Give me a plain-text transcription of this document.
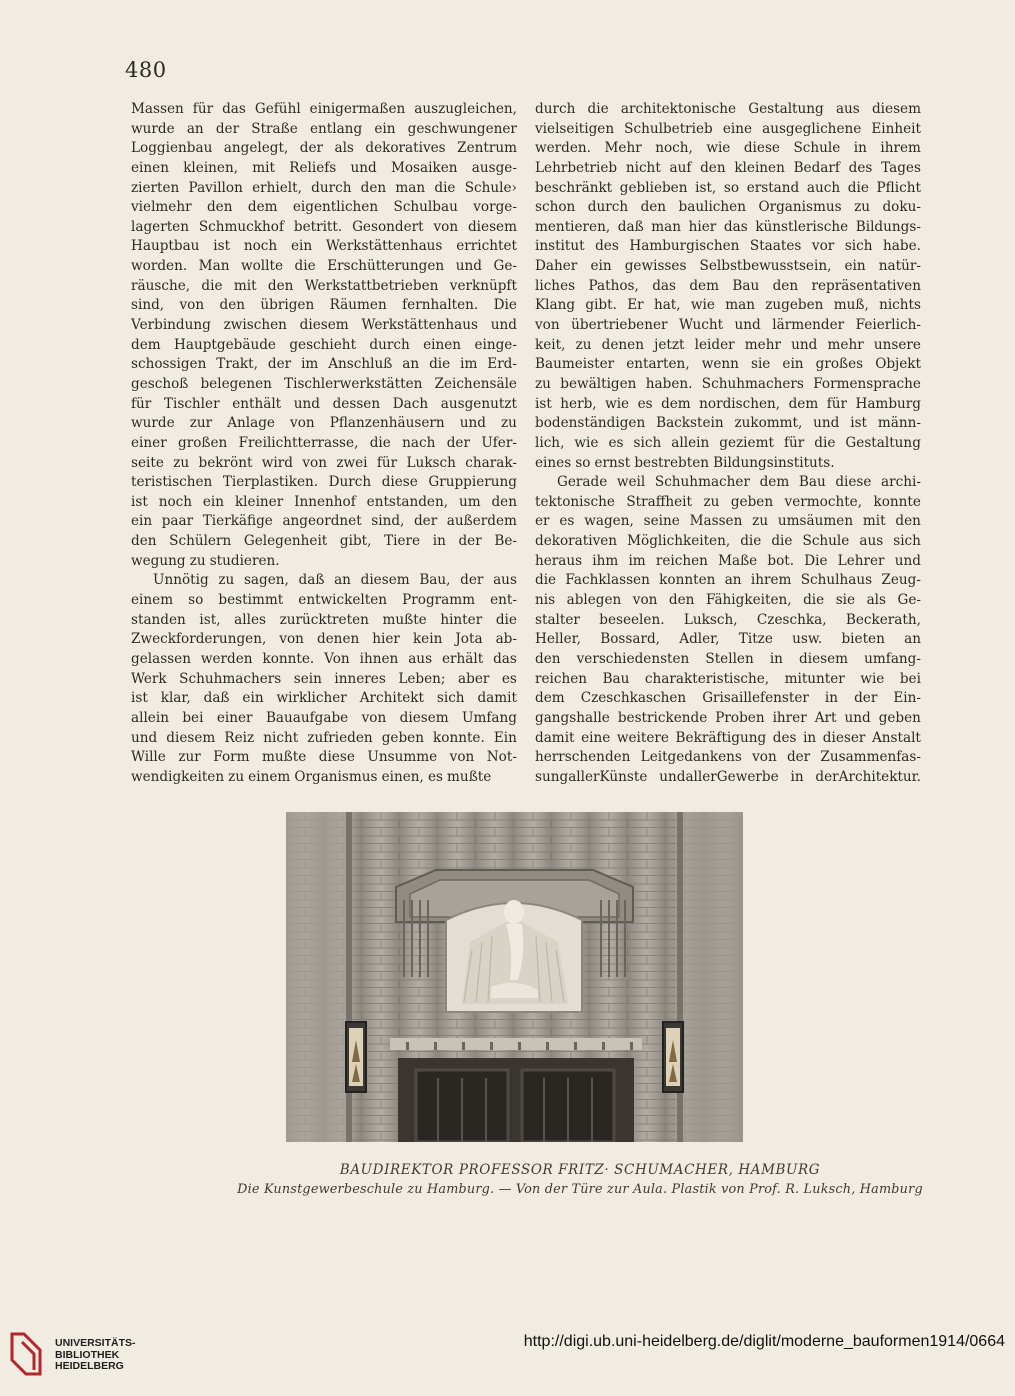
480
Massen für das Gefühl einigermaßen auszugleichen,
wurde an der Straße entlang ein geschwungener
Loggienbau angelegt, der als dekoratives Zentrum
einen kleinen, mit Reliefs und Mosaiken ausge-
zierten Pavillon erhielt, durch den man die Schule›
vielmehr den dem eigentlichen Schulbau vorge-
lagerten Schmuckhof betritt. Gesondert von diesem
Hauptbau ist noch ein Werkstättenhaus errichtet
worden. Man wollte die Erschütterungen und Ge-
räusche, die mit den Werkstattbetrieben verknüpft
sind, von den übrigen Räumen fernhalten. Die
Verbindung zwischen diesem Werkstättenhaus und
dem Hauptgebäude geschieht durch einen einge-
schossigen Trakt, der im Anschluß an die im Erd-
geschoß belegenen Tischlerwerkstätten Zeichensäle
für Tischler enthält und dessen Dach ausgenutzt
wurde zur Anlage von Pflanzenhäusern und zu
einer großen Freilichtterrasse, die nach der Ufer-
seite zu bekrönt wird von zwei für Luksch charak-
teristischen Tierplastiken. Durch diese Gruppierung
ist noch ein kleiner Innenhof entstanden, um den
ein paar Tierkäfige angeordnet sind, der außerdem
den Schülern Gelegenheit gibt, Tiere in der Be-
wegung zu studieren.
Unnötig zu sagen, daß an diesem Bau, der aus
einem so bestimmt entwickelten Programm ent-
standen ist, alles zurücktreten mußte hinter die
Zweckforderungen, von denen hier kein Jota ab-
gelassen werden konnte. Von ihnen aus erhält das
Werk Schuhmachers sein inneres Leben; aber es
ist klar, daß ein wirklicher Architekt sich damit
allein bei einer Bauaufgabe von diesem Umfang
und diesem Reiz nicht zufrieden geben konnte. Ein
Wille zur Form mußte diese Unsumme von Not-
wendigkeiten zu einem Organismus einen, es mußte
durch die architektonische Gestaltung aus diesem
vielseitigen Schulbetrieb eine ausgeglichene Einheit
werden. Mehr noch, wie diese Schule in ihrem
Lehrbetrieb nicht auf den kleinen Bedarf des Tages
beschränkt geblieben ist, so erstand auch die Pflicht
schon durch den baulichen Organismus zu doku-
mentieren, daß man hier das künstlerische Bildungs-
institut des Hamburgischen Staates vor sich habe.
Daher ein gewisses Selbstbewusstsein, ein natür-
liches Pathos, das dem Bau den repräsentativen
Klang gibt. Er hat, wie man zugeben muß, nichts
von übertriebener Wucht und lärmender Feierlich-
keit, zu denen jetzt leider mehr und mehr unsere
Baumeister entarten, wenn sie ein großes Objekt
zu bewältigen haben. Schuhmachers Formensprache
ist herb, wie es dem nordischen, dem für Hamburg
bodenständigen Backstein zukommt, und ist männ-
lich, wie es sich allein geziemt für die Gestaltung
eines so ernst bestrebten Bildungsinstituts.
Gerade weil Schuhmacher dem Bau diese archi-
tektonische Straffheit zu geben vermochte, konnte
er es wagen, seine Massen zu umsäumen mit den
dekorativen Möglichkeiten, die die Schule aus sich
heraus ihm im reichen Maße bot. Die Lehrer und
die Fachklassen konnten an ihrem Schulhaus Zeug-
nis ablegen von den Fähigkeiten, die sie als Ge-
stalter beseelen. Luksch, Czeschka, Beckerath,
Heller, Bossard, Adler, Titze usw. bieten an
den verschiedensten Stellen in diesem umfang-
reichen Bau charakteristische, mitunter wie bei
dem Czeschkaschen Grisaillefenster in der Ein-
gangshalle bestrickende Proben ihrer Art und geben
damit eine weitere Bekräftigung des in dieser Anstalt
herrschenden Leitgedankens von der Zusammenfas-
sungallerKünste undallerGewerbe in derArchitektur.
BAUDIREKTOR PROFESSOR FRITZ· SCHUMACHER, HAMBURG
Die Kunstgewerbeschule zu Hamburg. — Von der Türe zur Aula. Plastik von Prof. R. Luksch, Hamburg
UNIVERSITÄTS-
BIBLIOTHEK
HEIDELBERG
http://digi.ub.uni-heidelberg.de/diglit/moderne_bauformen1914/0664
